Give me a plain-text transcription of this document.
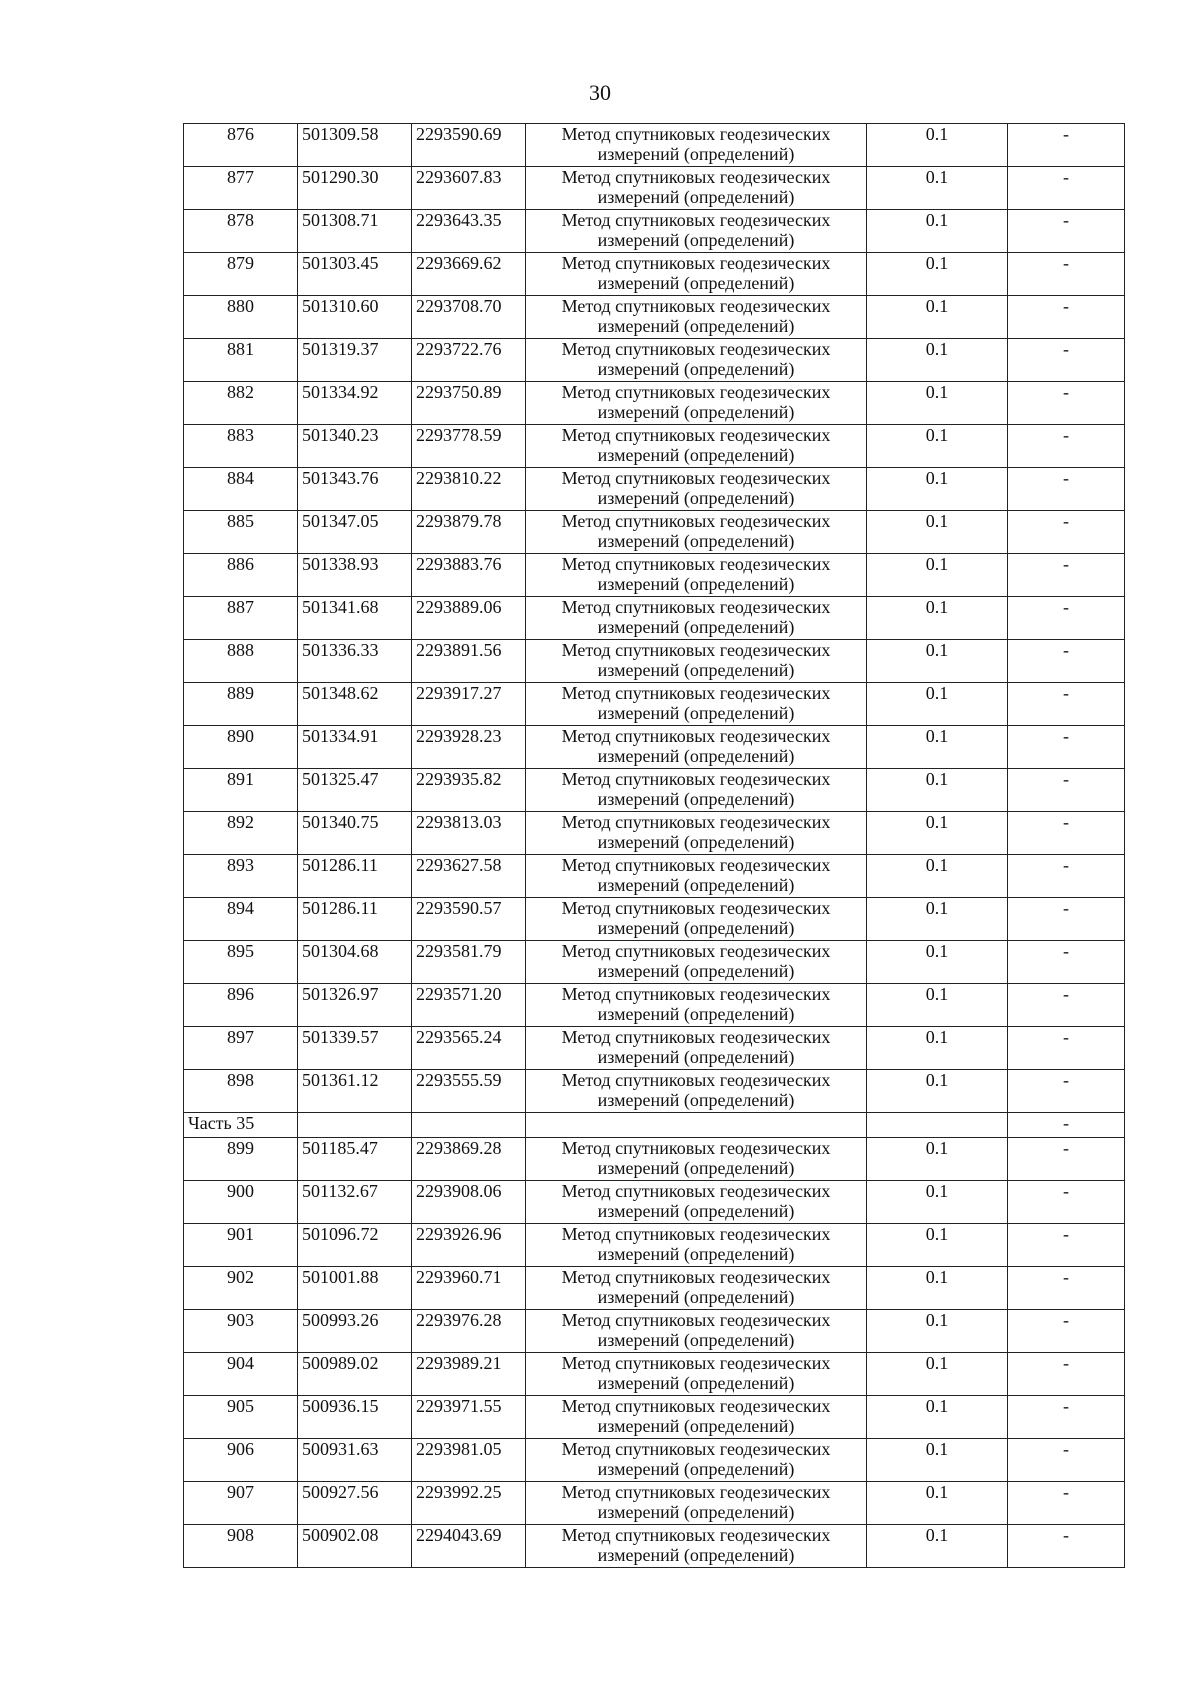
30
876	501309.58	2293590.69	Метод спутниковых геодезических
измерений (определений)	0.1	-
877	501290.30	2293607.83	Метод спутниковых геодезических
измерений (определений)	0.1	-
878	501308.71	2293643.35	Метод спутниковых геодезических
измерений (определений)	0.1	-
879	501303.45	2293669.62	Метод спутниковых геодезических
измерений (определений)	0.1	-
880	501310.60	2293708.70	Метод спутниковых геодезических
измерений (определений)	0.1	-
881	501319.37	2293722.76	Метод спутниковых геодезических
измерений (определений)	0.1	-
882	501334.92	2293750.89	Метод спутниковых геодезических
измерений (определений)	0.1	-
883	501340.23	2293778.59	Метод спутниковых геодезических
измерений (определений)	0.1	-
884	501343.76	2293810.22	Метод спутниковых геодезических
измерений (определений)	0.1	-
885	501347.05	2293879.78	Метод спутниковых геодезических
измерений (определений)	0.1	-
886	501338.93	2293883.76	Метод спутниковых геодезических
измерений (определений)	0.1	-
887	501341.68	2293889.06	Метод спутниковых геодезических
измерений (определений)	0.1	-
888	501336.33	2293891.56	Метод спутниковых геодезических
измерений (определений)	0.1	-
889	501348.62	2293917.27	Метод спутниковых геодезических
измерений (определений)	0.1	-
890	501334.91	2293928.23	Метод спутниковых геодезических
измерений (определений)	0.1	-
891	501325.47	2293935.82	Метод спутниковых геодезических
измерений (определений)	0.1	-
892	501340.75	2293813.03	Метод спутниковых геодезических
измерений (определений)	0.1	-
893	501286.11	2293627.58	Метод спутниковых геодезических
измерений (определений)	0.1	-
894	501286.11	2293590.57	Метод спутниковых геодезических
измерений (определений)	0.1	-
895	501304.68	2293581.79	Метод спутниковых геодезических
измерений (определений)	0.1	-
896	501326.97	2293571.20	Метод спутниковых геодезических
измерений (определений)	0.1	-
897	501339.57	2293565.24	Метод спутниковых геодезических
измерений (определений)	0.1	-
898	501361.12	2293555.59	Метод спутниковых геодезических
измерений (определений)	0.1	-
Часть 35					-
899	501185.47	2293869.28	Метод спутниковых геодезических
измерений (определений)	0.1	-
900	501132.67	2293908.06	Метод спутниковых геодезических
измерений (определений)	0.1	-
901	501096.72	2293926.96	Метод спутниковых геодезических
измерений (определений)	0.1	-
902	501001.88	2293960.71	Метод спутниковых геодезических
измерений (определений)	0.1	-
903	500993.26	2293976.28	Метод спутниковых геодезических
измерений (определений)	0.1	-
904	500989.02	2293989.21	Метод спутниковых геодезических
измерений (определений)	0.1	-
905	500936.15	2293971.55	Метод спутниковых геодезических
измерений (определений)	0.1	-
906	500931.63	2293981.05	Метод спутниковых геодезических
измерений (определений)	0.1	-
907	500927.56	2293992.25	Метод спутниковых геодезических
измерений (определений)	0.1	-
908	500902.08	2294043.69	Метод спутниковых геодезических
измерений (определений)	0.1	-
